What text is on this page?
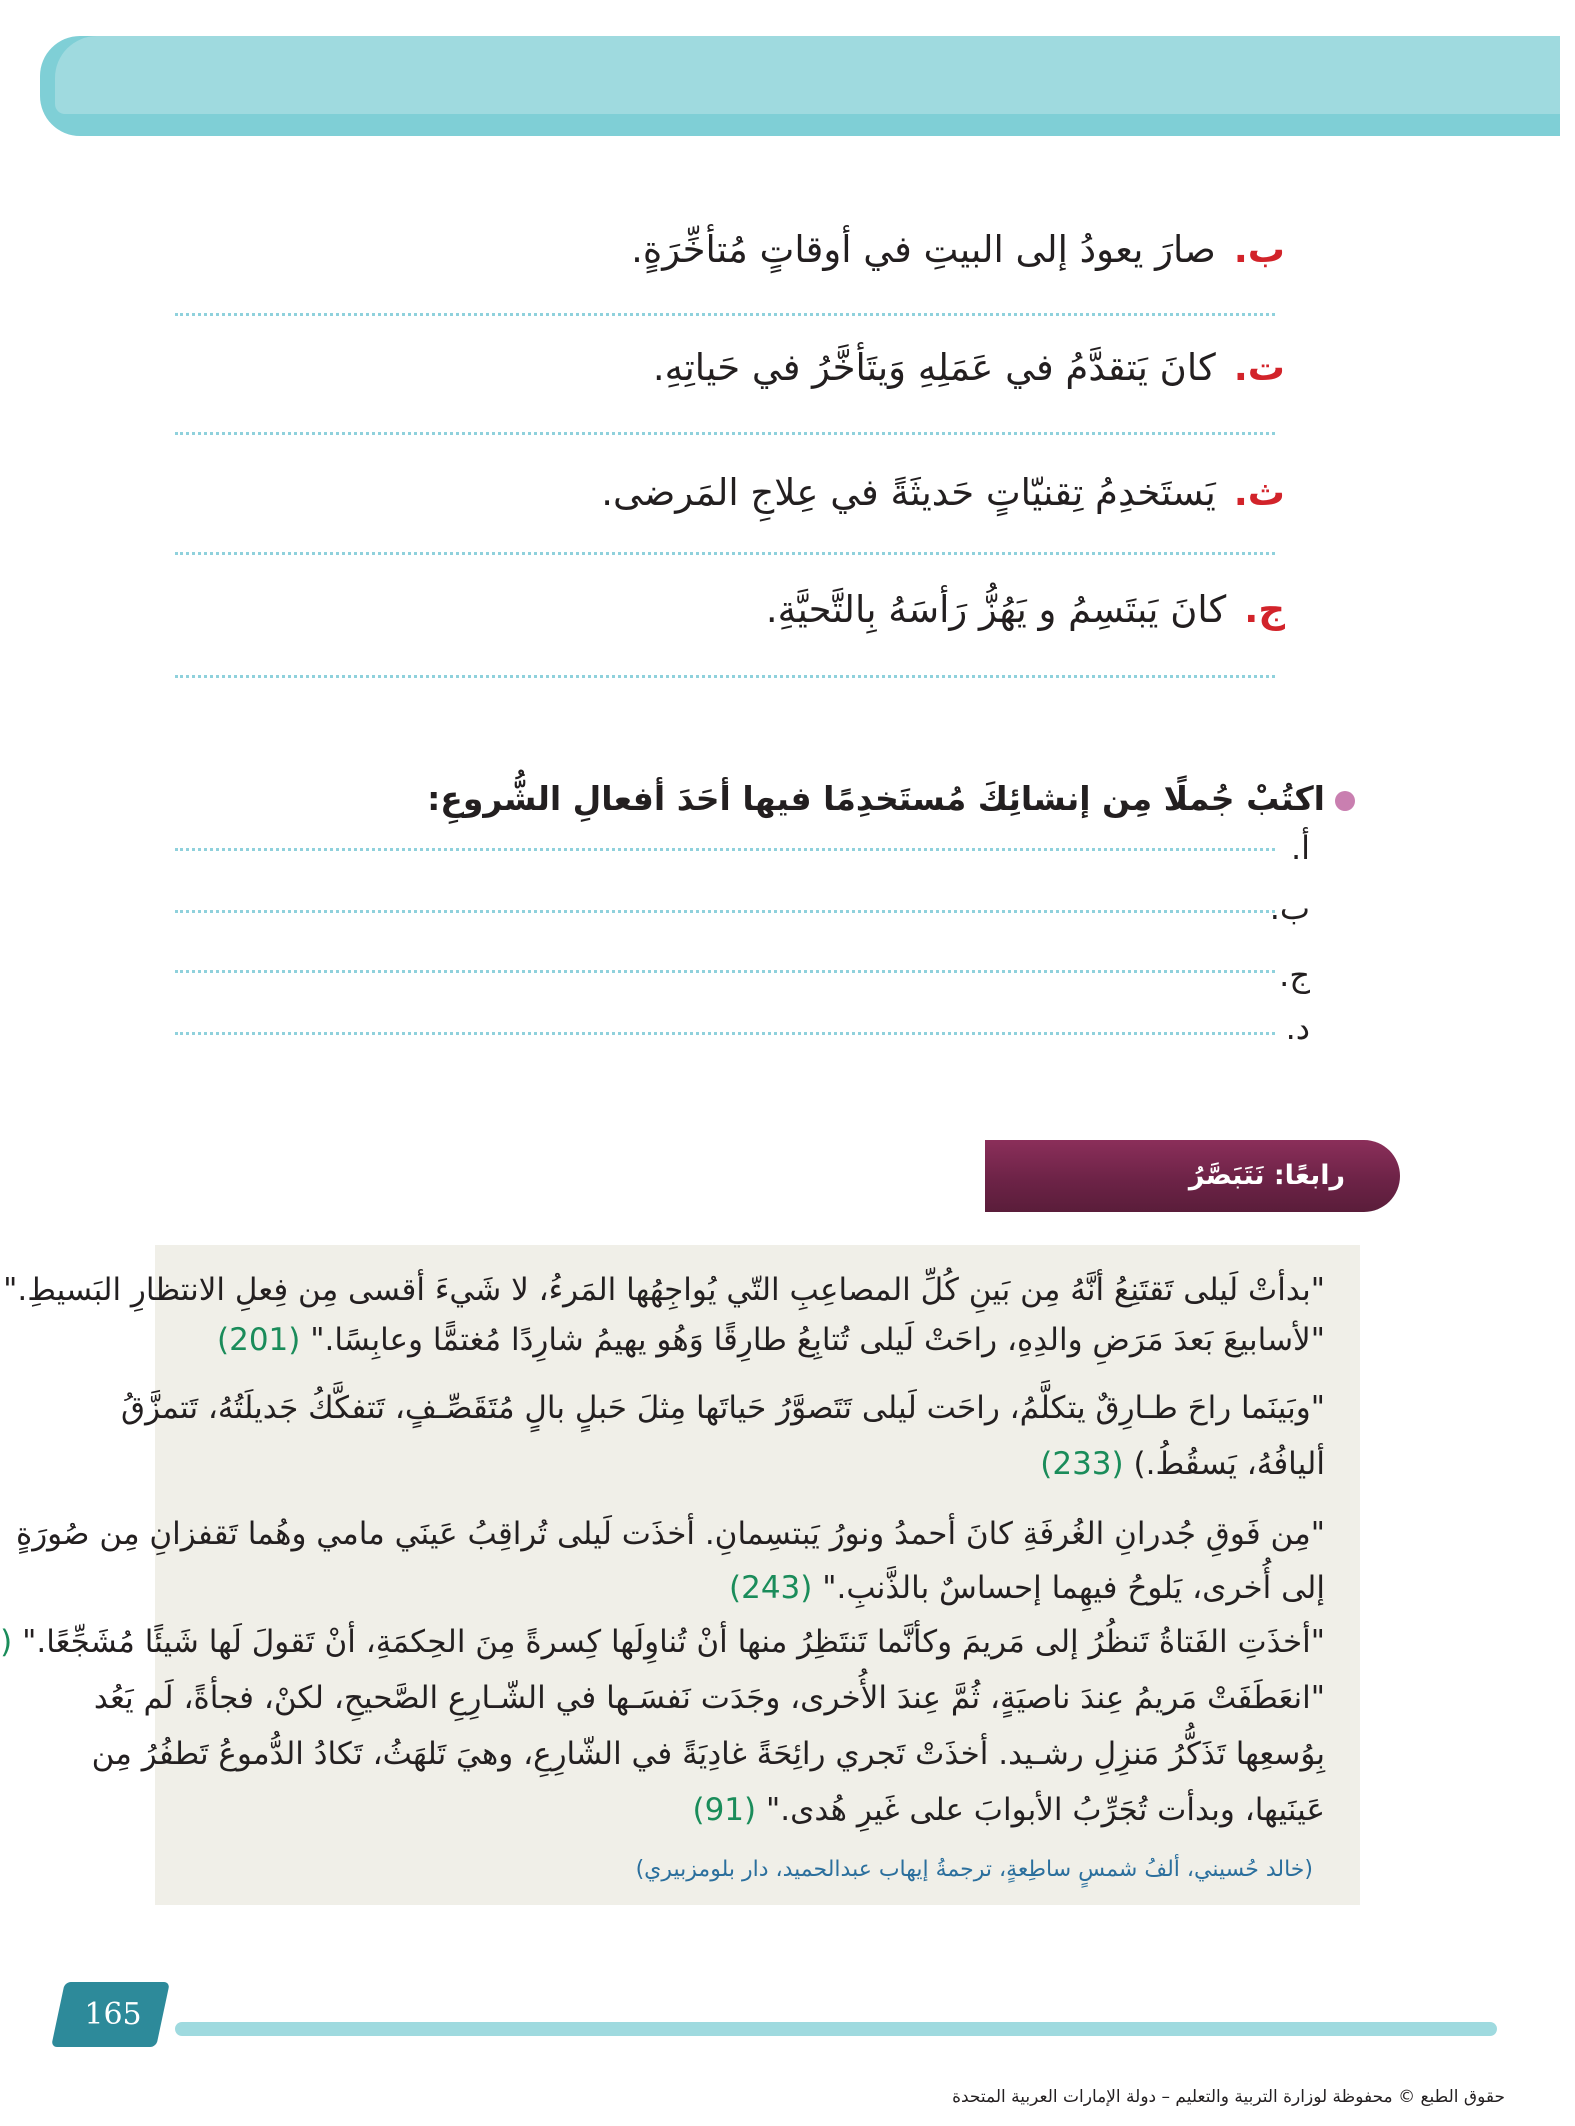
ب.صارَ يعودُ إلى البيتِ في أوقاتٍ مُتأخِّرَةٍ.
ت.كانَ يَتقدَّمُ في عَمَلِهِ وَيتَأخَّرُ في حَياتِهِ.
ث.يَستَخدِمُ تِقنيّاتٍ حَديثَةً في عِلاجِ المَرضى.
ج.كانَ يَبتَسِمُ و يَهُزُّ رَأسَهُ بِالتَّحيَّةِ.
اكتُبْ جُملًا مِن إنشائِكَ مُستَخدِمًا فيها أحَدَ أفعالِ الشُّروعِ:
أ.
ب.
ج.
د.
رابعًا: نَتَبَصَّرُ
"بدأتْ لَيلى تَقتَنِعُ أنَّهُ مِن بَينِ كُلِّ المصاعِبِ التّي يُواجِهُها المَرءُ، لا شَيءَ أقسى مِن فِعلِ الانتظارِ البَسيطِ."
"لأسابيعَ بَعدَ مَرَضِ والدِهِ، راحَتْ لَيلى تُتابِعُ طارِقًا وَهُو يهيمُ شارِدًا مُغتمًّا وعابِسًا." (201)
"وبَينَما راحَ طـارِقٌ يتكلَّمُ، راحَت لَيلى تَتَصوَّرُ حَياتَها مِثلَ حَبلٍ بالٍ مُتَقَصِّـفٍ، تَتفكَّكُ جَديلَتُهُ، تَتمزَّقُ
أليافُهُ، يَسقُطُ.) (233)
"مِن فَوقِ جُدرانِ الغُرفَةِ كانَ أحمدُ ونورُ يَبتسِمانِ. أخذَت لَيلى تُراقِبُ عَينَي مامي وهُما تَقفزانِ مِن صُورَةٍ
إلى أُخرى، يَلوحُ فيهِما إحساسٌ بالذَّنبِ." (243)
"أخذَتِ الفَتاةُ تَنظُرُ إلى مَريمَ وكأنَّما تَنتَظِرُ منها أنْ تُناوِلَها كِسرةً مِنَ الحِكمَةِ، أنْ تَقولَ لَها شَيئًا مُشَجِّعًا." (
"انعَطَفَتْ مَريمُ عِندَ ناصيَةٍ، ثُمَّ عِندَ الأُخرى، وجَدَت نَفسَـها في الشّـارِعِ الصَّحيحِ، لكنْ، فجأةً، لَم يَعُد
بِوُسعِها تَذَكُّرُ مَنزِلِ رشـيد. أخذَتْ تَجري رائِحَةً غادِيَةً في الشّارِعِ، وهيَ تَلهَثُ، تَكادُ الدُّموعُ تَطفُرُ مِن
عَينَيها، وبدأت تُجَرِّبُ الأبوابَ على غَيرِ هُدى." (91)
(خالد حُسيني، ألفُ شمسٍ ساطِعةٍ، ترجمةُ إيهاب عبدالحميد، دار بلومزبيري)
165
حقوق الطبع © محفوظة لوزارة التربية والتعليم – دولة الإمارات العربية المتحدة
